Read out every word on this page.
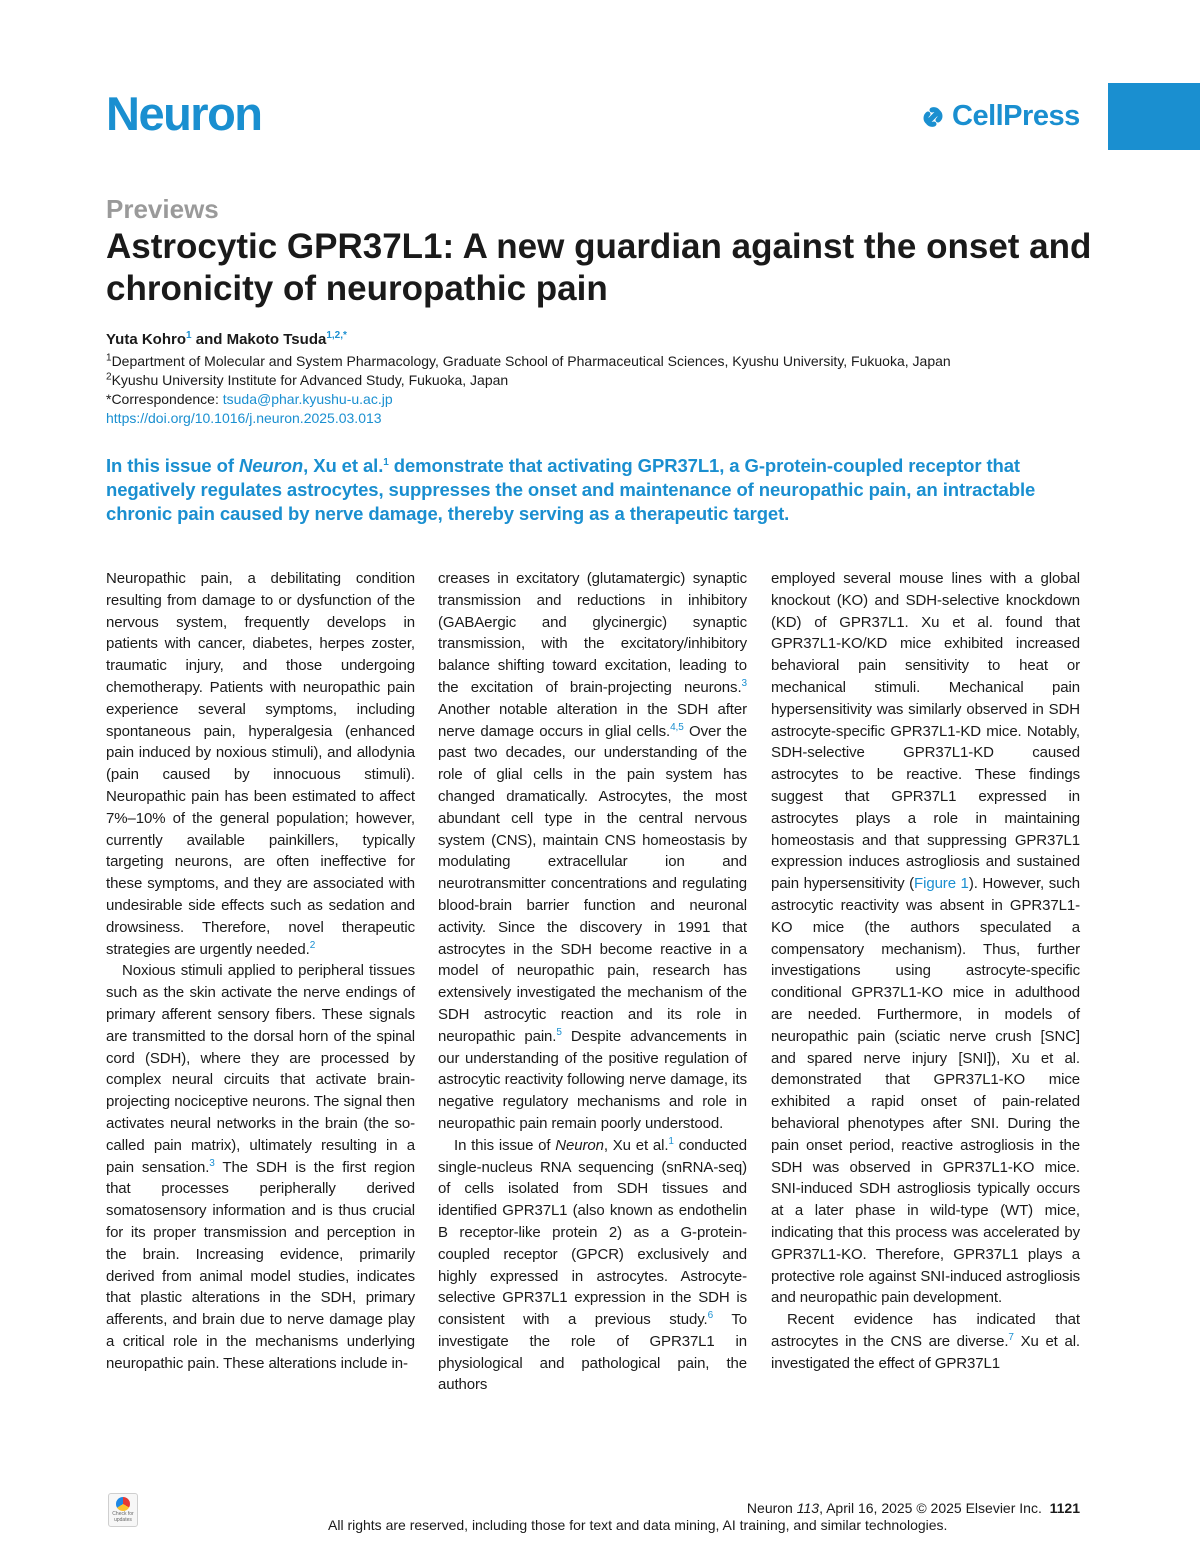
Neuron	CellPress
Previews
Astrocytic GPR37L1: A new guardian against the onset and chronicity of neuropathic pain
Yuta Kohro$^1$ and Makoto Tsuda$^{1,2,*}$
$^1$Department of Molecular and System Pharmacology, Graduate School of Pharmaceutical Sciences, Kyushu University, Fukuoka, Japan
$^2$Kyushu University Institute for Advanced Study, Fukuoka, Japan
*Correspondence: tsuda@phar.kyushu-u.ac.jp
https://doi.org/10.1016/j.neuron.2025.03.013
In this issue of Neuron, Xu et al.$^1$ demonstrate that activating GPR37L1, a G-protein-coupled receptor that negatively regulates astrocytes, suppresses the onset and maintenance of neuropathic pain, an intractable chronic pain caused by nerve damage, thereby serving as a therapeutic target.

Neuropathic pain, a debilitating condition resulting from damage to or dysfunction of the nervous system, frequently develops in patients with cancer, diabetes, herpes zoster, traumatic injury, and those undergoing chemotherapy. Patients with neuropathic pain experience several symptoms, including spontaneous pain, hyperalgesia (enhanced pain induced by noxious stimuli), and allodynia (pain caused by innocuous stimuli). Neuropathic pain has been estimated to affect 7%–10% of the general population; however, currently available painkillers, typically targeting neurons, are often ineffective for these symptoms, and they are associated with undesirable side effects such as sedation and drowsiness. Therefore, novel therapeutic strategies are urgently needed.$^2$

Noxious stimuli applied to peripheral tissues such as the skin activate the nerve endings of primary afferent sensory fibers. These signals are transmitted to the dorsal horn of the spinal cord (SDH), where they are processed by complex neural circuits that activate brain-projecting nociceptive neurons. The signal then activates neural networks in the brain (the so-called pain matrix), ultimately resulting in a pain sensation.$^3$ The SDH is the first region that processes peripherally derived somatosensory information and is thus crucial for its proper transmission and perception in the brain. Increasing evidence, primarily derived from animal model studies, indicates that plastic alterations in the SDH, primary afferents, and brain due to nerve damage play a critical role in the mechanisms underlying neuropathic pain. These alterations include in-

creases in excitatory (glutamatergic) synaptic transmission and reductions in inhibitory (GABAergic and glycinergic) synaptic transmission, with the excitatory/inhibitory balance shifting toward excitation, leading to the excitation of brain-projecting neurons.$^3$ Another notable alteration in the SDH after nerve damage occurs in glial cells.$^{4,5}$ Over the past two decades, our understanding of the role of glial cells in the pain system has changed dramatically. Astrocytes, the most abundant cell type in the central nervous system (CNS), maintain CNS homeostasis by modulating extracellular ion and neurotransmitter concentrations and regulating blood-brain barrier function and neuronal activity. Since the discovery in 1991 that astrocytes in the SDH become reactive in a model of neuropathic pain, research has extensively investigated the mechanism of the SDH astrocytic reaction and its role in neuropathic pain.$^5$ Despite advancements in our understanding of the positive regulation of astrocytic reactivity following nerve damage, its negative regulatory mechanisms and role in neuropathic pain remain poorly understood.

In this issue of Neuron, Xu et al.$^1$ conducted single-nucleus RNA sequencing (snRNA-seq) of cells isolated from SDH tissues and identified GPR37L1 (also known as endothelin B receptor-like protein 2) as a G-protein-coupled receptor (GPCR) exclusively and highly expressed in astrocytes. Astrocyte-selective GPR37L1 expression in the SDH is consistent with a previous study.$^6$ To investigate the role of GPR37L1 in physiological and pathological pain, the authors

employed several mouse lines with a global knockout (KO) and SDH-selective knockdown (KD) of GPR37L1. Xu et al. found that GPR37L1-KO/KD mice exhibited increased behavioral pain sensitivity to heat or mechanical stimuli. Mechanical pain hypersensitivity was similarly observed in SDH astrocyte-specific GPR37L1-KD mice. Notably, SDH-selective GPR37L1-KD caused astrocytes to be reactive. These findings suggest that GPR37L1 expressed in astrocytes plays a role in maintaining homeostasis and that suppressing GPR37L1 expression induces astrogliosis and sustained pain hypersensitivity (Figure 1). However, such astrocytic reactivity was absent in GPR37L1-KO mice (the authors speculated a compensatory mechanism). Thus, further investigations using astrocyte-specific conditional GPR37L1-KO mice in adulthood are needed. Furthermore, in models of neuropathic pain (sciatic nerve crush [SNC] and spared nerve injury [SNI]), Xu et al. demonstrated that GPR37L1-KO mice exhibited a rapid onset of pain-related behavioral phenotypes after SNI. During the pain onset period, reactive astrogliosis in the SDH was observed in GPR37L1-KO mice. SNI-induced SDH astrogliosis typically occurs at a later phase in wild-type (WT) mice, indicating that this process was accelerated by GPR37L1-KO. Therefore, GPR37L1 plays a protective role against SNI-induced astrogliosis and neuropathic pain development.

Recent evidence has indicated that astrocytes in the CNS are diverse.$^7$ Xu et al. investigated the effect of GPR37L1

Check for updates
Neuron 113, April 16, 2025 © 2025 Elsevier Inc. 1121
All rights are reserved, including those for text and data mining, AI training, and similar technologies.
